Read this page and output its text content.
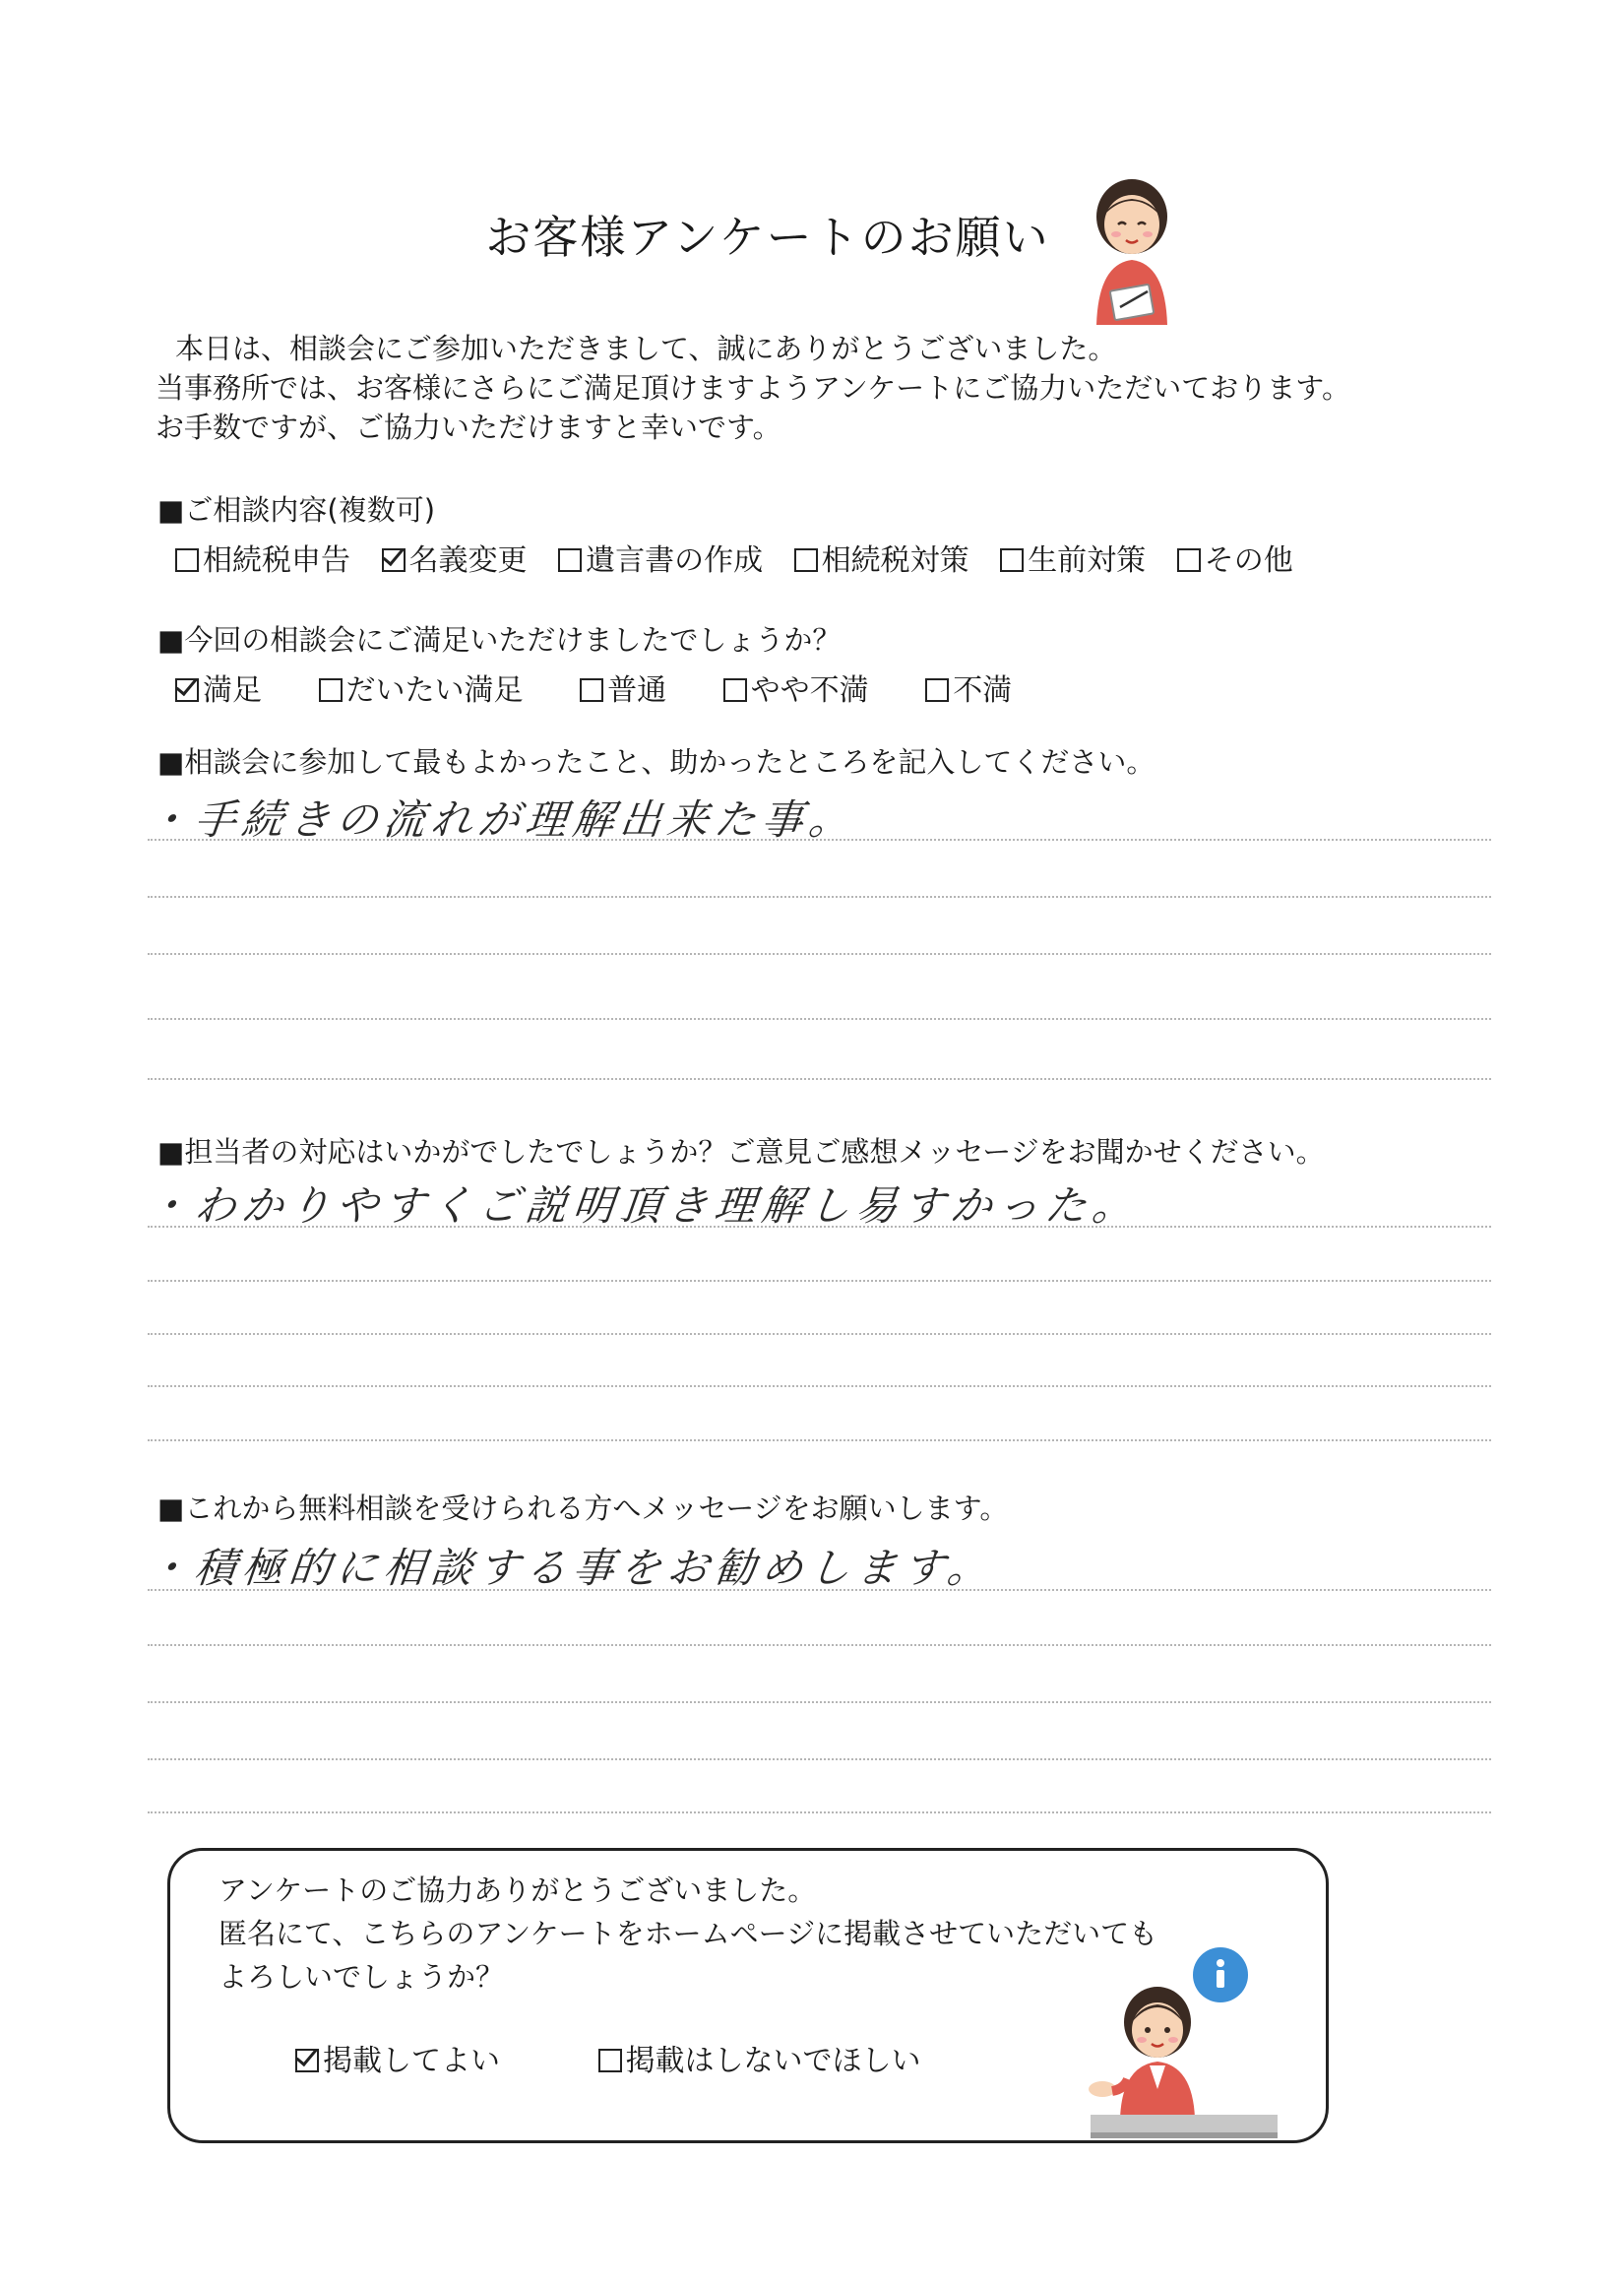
お客様アンケートのお願い
本日は、相談会にご参加いただきまして、誠にありがとうございました。
当事務所では、お客様にさらにご満足頂けますようアンケートにご協力いただいております。
お手数ですが、ご協力いただけますと幸いです。
■ご相談内容(複数可)
相続税申告 名義変更 遺言書の作成 相続税対策 生前対策 その他
■今回の相談会にご満足いただけましたでしょうか？
満足	だいたい満足	普通	やや不満	不満
■相談会に参加して最もよかったこと、助かったところを記入してください。
・手続きの流れが理解出来た事。
■担当者の対応はいかがでしたでしょうか？ご意見ご感想メッセージをお聞かせください。
・わかりやすくご説明頂き理解し易すかった。
■これから無料相談を受けられる方へメッセージをお願いします。
・積極的に相談する事をお勧めします。
アンケートのご協力ありがとうございました。
匿名にて、こちらのアンケートをホームページに掲載させていただいても
よろしいでしょうか？
掲載してよい	掲載はしないでほしい
